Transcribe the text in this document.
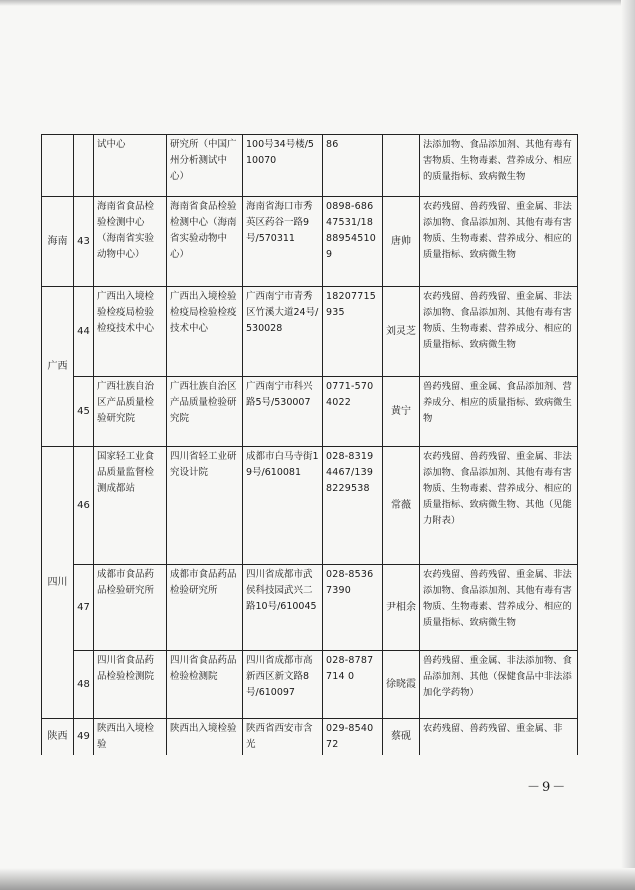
		试中心	研究所（中国广州分析测试中心）	100号34号楼/510070	86		法添加物、食品添加剂、其他有毒有害物质、生物毒素、营养成分、相应的质量指标、致病微生物
海南	43	海南省食品检验检测中心（海南省实验动物中心）	海南省食品检验检测中心（海南省实验动物中心）	海南省海口市秀英区药谷一路9号/570311	0898-68647531/18889545109	唐帅	农药残留、兽药残留、重金属、非法添加物、食品添加剂、其他有毒有害物质、生物毒素、营养成分、相应的质量指标、致病微生物
广西	44	广西出入境检验检疫局检验检疫技术中心	广西出入境检验检疫局检验检疫技术中心	广西南宁市青秀区竹溪大道24号/530028	18207715935	刘灵芝	农药残留、兽药残留、重金属、非法添加物、食品添加剂、其他有毒有害物质、生物毒素、营养成分、相应的质量指标、致病微生物
	45	广西壮族自治区产品质量检验研究院	广西壮族自治区产品质量检验研究院	广西南宁市科兴路5号/530007	0771-5704022	黄宁	兽药残留、重金属、食品添加剂、营养成分、相应的质量指标、致病微生物
四川	46	国家轻工业食品质量监督检测成都站	四川省轻工业研究设计院	成都市白马寺街19号/610081	028-83194467/1398229538	常薇	农药残留、兽药残留、重金属、非法添加物、食品添加剂、其他有毒有害物质、生物毒素、营养成分、相应的质量指标、致病微生物、其他（见能力附表）
	47	成都市食品药品检验研究所	成都市食品药品检验研究所	四川省成都市武侯科技园武兴二路10号/610045	028-85367390	尹相余	农药残留、兽药残留、重金属、非法添加物、食品添加剂、其他有毒有害物质、生物毒素、营养成分、相应的质量指标、致病微生物
	48	四川省食品药品检验检测院	四川省食品药品检验检测院	四川省成都市高新西区新文路8号/610097	028-8787714 0	徐晓霞	兽药残留、重金属、非法添加物、食品添加剂、其他（保健食品中非法添加化学药物）
陕西	49	陕西出入境检验	陕西出入境检验	陕西省西安市含光	029-854072	蔡砚	农药残留、兽药残留、重金属、非
－9－
